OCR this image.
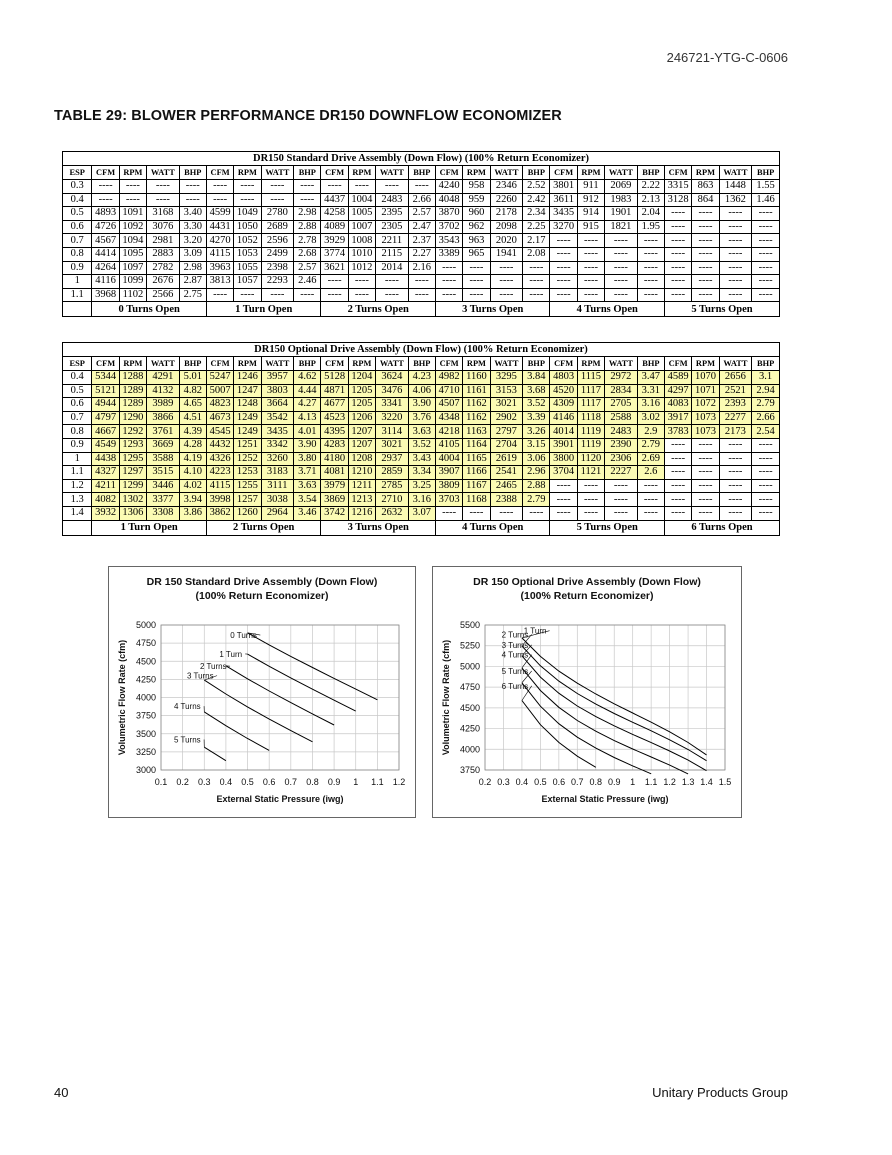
246721-YTG-C-0606
TABLE 29: BLOWER PERFORMANCE DR150 DOWNFLOW ECONOMIZER
DR150 Standard Drive Assembly (Down Flow) (100% Return Economizer)																								
ESP	CFM	RPM	WATT	BHP	CFM	RPM	WATT	BHP	CFM	RPM	WATT	BHP	CFM	RPM	WATT	BHP	CFM	RPM	WATT	BHP	CFM	RPM	WATT	BHP
0.3	----	----	----	----	----	----	----	----	----	----	----	----	4240	958	2346	2.52	3801	911	2069	2.22	3315	863	1448	1.55
0.4	----	----	----	----	----	----	----	----	4437	1004	2483	2.66	4048	959	2260	2.42	3611	912	1983	2.13	3128	864	1362	1.46
0.5	4893	1091	3168	3.40	4599	1049	2780	2.98	4258	1005	2395	2.57	3870	960	2178	2.34	3435	914	1901	2.04	----	----	----	----
0.6	4726	1092	3076	3.30	4431	1050	2689	2.88	4089	1007	2305	2.47	3702	962	2098	2.25	3270	915	1821	1.95	----	----	----	----
0.7	4567	1094	2981	3.20	4270	1052	2596	2.78	3929	1008	2211	2.37	3543	963	2020	2.17	----	----	----	----	----	----	----	----
0.8	4414	1095	2883	3.09	4115	1053	2499	2.68	3774	1010	2115	2.27	3389	965	1941	2.08	----	----	----	----	----	----	----	----
0.9	4264	1097	2782	2.98	3963	1055	2398	2.57	3621	1012	2014	2.16	----	----	----	----	----	----	----	----	----	----	----	----
1	4116	1099	2676	2.87	3813	1057	2293	2.46	----	----	----	----	----	----	----	----	----	----	----	----	----	----	----	----
1.1	3968	1102	2566	2.75	----	----	----	----	----	----	----	----	----	----	----	----	----	----	----	----	----	----	----	----
	0 Turns Open				1 Turn Open				2 Turns Open				3 Turns Open				4 Turns Open				5 Turns Open			
DR150 Optional Drive Assembly (Down Flow) (100% Return Economizer)																								
ESP	CFM	RPM	WATT	BHP	CFM	RPM	WATT	BHP	CFM	RPM	WATT	BHP	CFM	RPM	WATT	BHP	CFM	RPM	WATT	BHP	CFM	RPM	WATT	BHP
0.4	5344	1288	4291	5.01	5247	1246	3957	4.62	5128	1204	3624	4.23	4982	1160	3295	3.84	4803	1115	2972	3.47	4589	1070	2656	3.1
0.5	5121	1289	4132	4.82	5007	1247	3803	4.44	4871	1205	3476	4.06	4710	1161	3153	3.68	4520	1117	2834	3.31	4297	1071	2521	2.94
0.6	4944	1289	3989	4.65	4823	1248	3664	4.27	4677	1205	3341	3.90	4507	1162	3021	3.52	4309	1117	2705	3.16	4083	1072	2393	2.79
0.7	4797	1290	3866	4.51	4673	1249	3542	4.13	4523	1206	3220	3.76	4348	1162	2902	3.39	4146	1118	2588	3.02	3917	1073	2277	2.66
0.8	4667	1292	3761	4.39	4545	1249	3435	4.01	4395	1207	3114	3.63	4218	1163	2797	3.26	4014	1119	2483	2.9	3783	1073	2173	2.54
0.9	4549	1293	3669	4.28	4432	1251	3342	3.90	4283	1207	3021	3.52	4105	1164	2704	3.15	3901	1119	2390	2.79	----	----	----	----
1	4438	1295	3588	4.19	4326	1252	3260	3.80	4180	1208	2937	3.43	4004	1165	2619	3.06	3800	1120	2306	2.69	----	----	----	----
1.1	4327	1297	3515	4.10	4223	1253	3183	3.71	4081	1210	2859	3.34	3907	1166	2541	2.96	3704	1121	2227	2.6	----	----	----	----
1.2	4211	1299	3446	4.02	4115	1255	3111	3.63	3979	1211	2785	3.25	3809	1167	2465	2.88	----	----	----	----	----	----	----	----
1.3	4082	1302	3377	3.94	3998	1257	3038	3.54	3869	1213	2710	3.16	3703	1168	2388	2.79	----	----	----	----	----	----	----	----
1.4	3932	1306	3308	3.86	3862	1260	2964	3.46	3742	1216	2632	3.07	----	----	----	----	----	----	----	----	----	----	----	----
	1 Turn Open				2 Turns Open				3 Turns Open				4 Turns Open				5 Turns Open				6 Turns Open			
DR 150 Standard Drive Assembly (Down Flow)
(100% Return Economizer)
3000
3250
3500
3750
4000
4250
4500
4750
5000
0.1 0.2 0.3 0.4 0.5 0.6 0.7 0.8 0.9 1 1.1 1.2
External Static Pressure (iwg)
Volumetric Flow Rate (cfm)
0 Turns
1 Turn
2 Turns
3 Turns
4 Turns
5 Turns
DR 150 Optional Drive Assembly (Down Flow)
(100% Return Economizer)
3750
4000
4250
4500
4750
5000
5250
5500
0.2 0.3 0.4 0.5 0.6 0.7 0.8 0.9 1 1.1 1.2 1.3 1.4 1.5
External Static Pressure (iwg)
Volumetric Flow Rate (cfm)
1 Turn
2 Turns
3 Turns
4 Turns
5 Turns
6 Turns
40	Unitary Products Group
